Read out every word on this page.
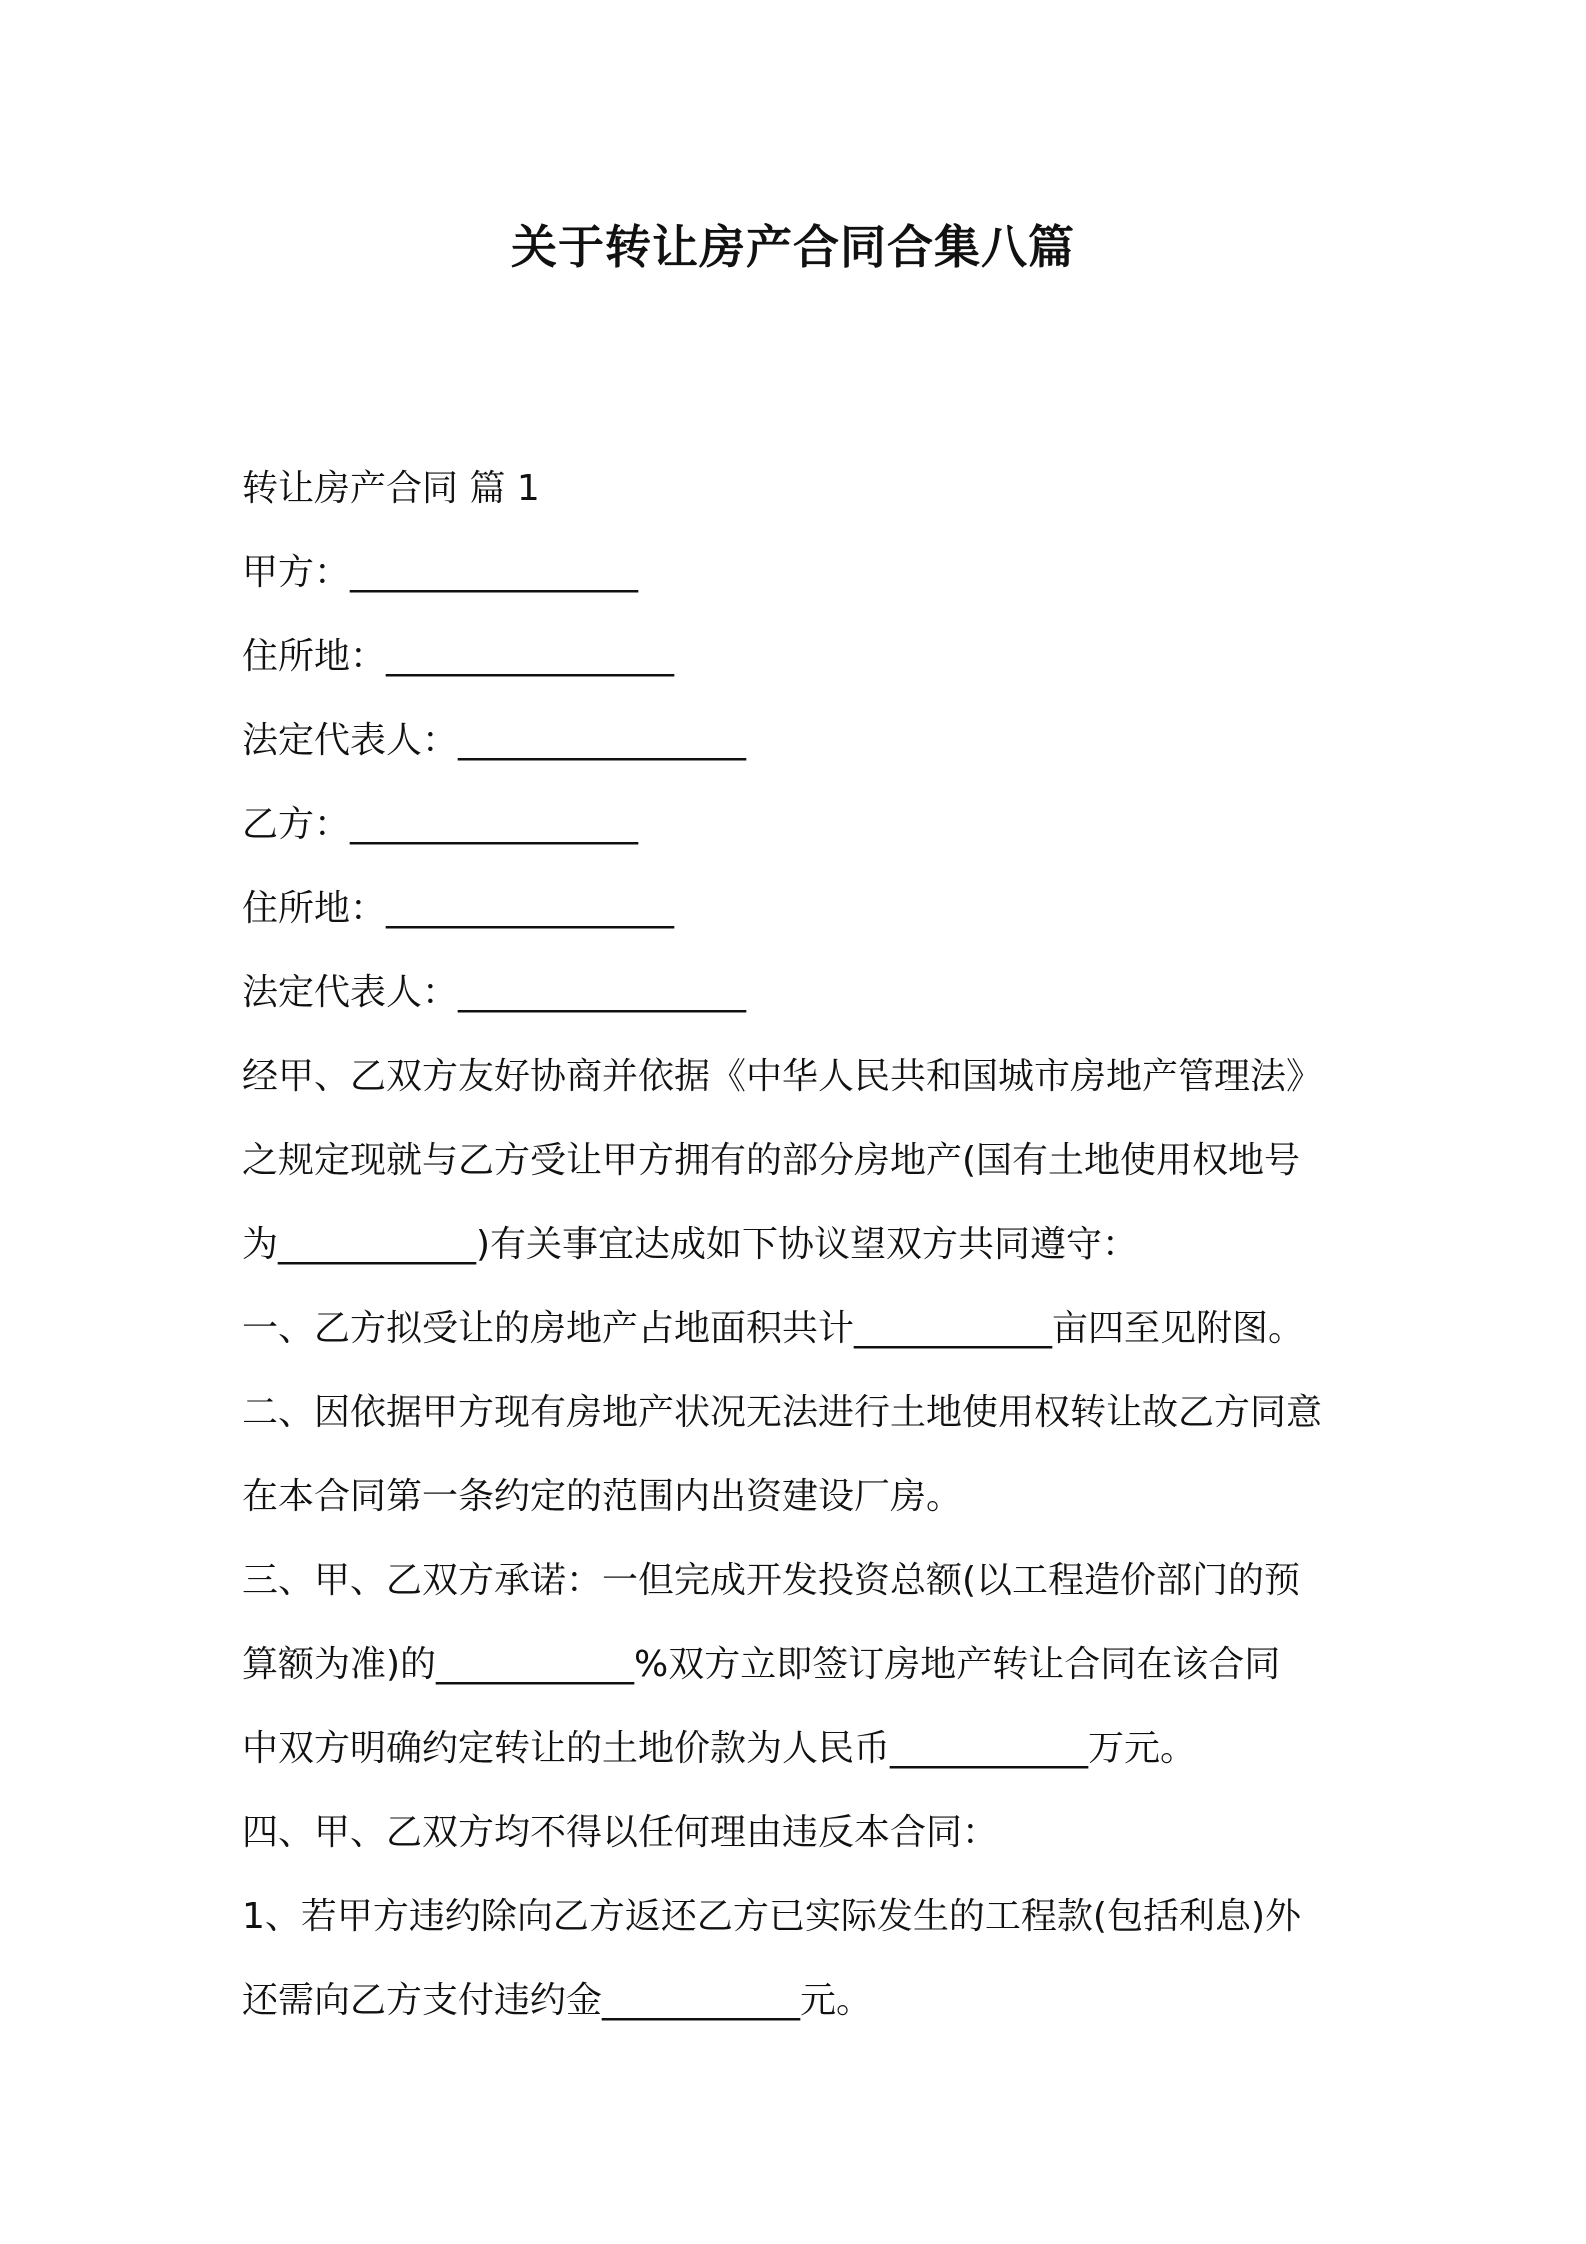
关于转让房产合同合集八篇
转让房产合同 篇 1
甲方：________________
住所地：________________
法定代表人：________________
乙方：________________
住所地：________________
法定代表人：________________
经甲、乙双方友好协商并依据《中华人民共和国城市房地产管理法》
之规定现就与乙方受让甲方拥有的部分房地产(国有土地使用权地号
为___________)有关事宜达成如下协议望双方共同遵守：
一、乙方拟受让的房地产占地面积共计___________亩四至见附图。
二、因依据甲方现有房地产状况无法进行土地使用权转让故乙方同意
在本合同第一条约定的范围内出资建设厂房。
三、甲、乙双方承诺：一但完成开发投资总额(以工程造价部门的预
算额为准)的___________%双方立即签订房地产转让合同在该合同
中双方明确约定转让的土地价款为人民币___________万元。
四、甲、乙双方均不得以任何理由违反本合同：
1、若甲方违约除向乙方返还乙方已实际发生的工程款(包括利息)外
还需向乙方支付违约金___________元。
